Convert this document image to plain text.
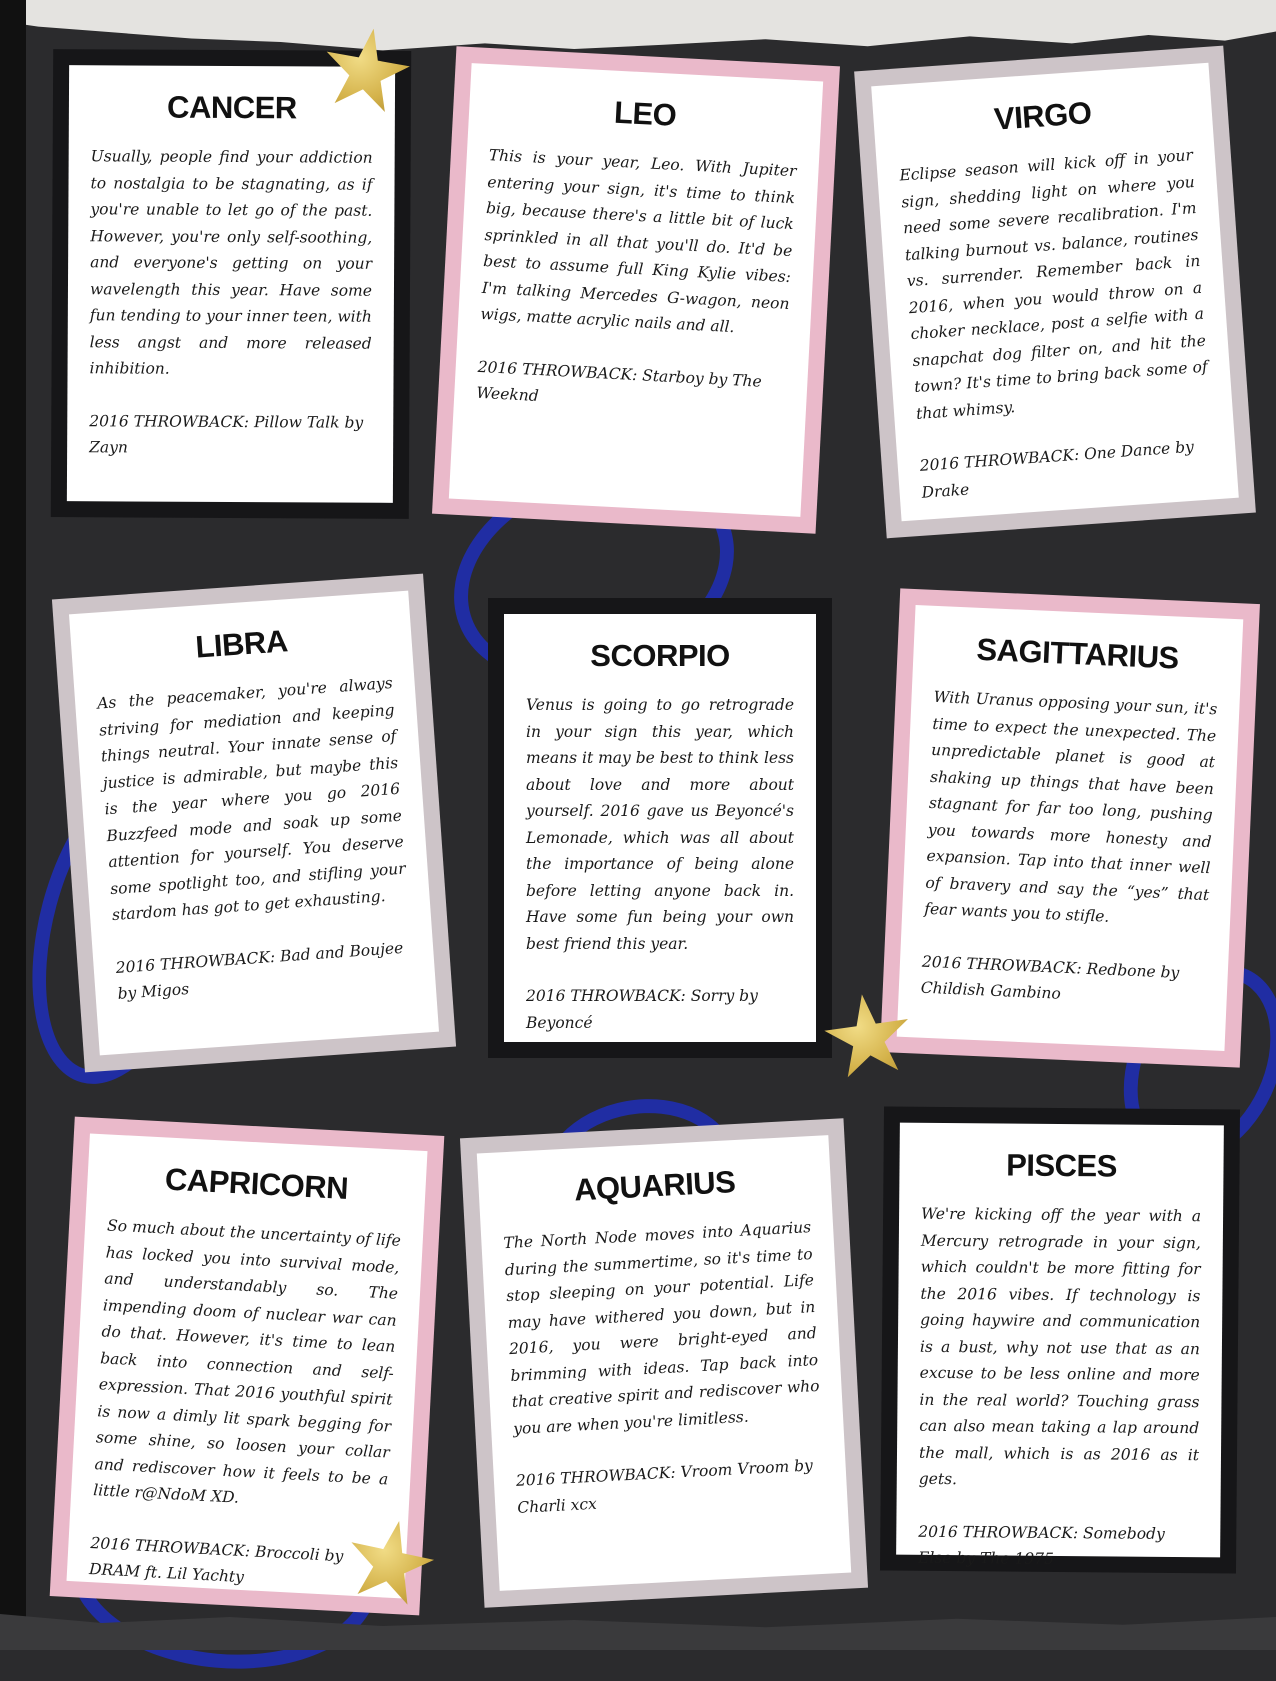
CANCER

Usually, people find your addiction to nostalgia to be stagnating, as if you're unable to let go of the past. However, you're only self-soothing, and everyone's getting on your wavelength this year. Have some fun tending to your inner teen, with less angst and more released inhibition.

2016 THROWBACK: Pillow Talk by Zayn

LEO

This is your year, Leo. With Jupiter entering your sign, it's time to think big, because there's a little bit of luck sprinkled in all that you'll do. It'd be best to assume full King Kylie vibes: I'm talking Mercedes G-wagon, neon wigs, matte acrylic nails and all.

2016 THROWBACK: Starboy by The Weeknd

VIRGO

Eclipse season will kick off in your sign, shedding light on where you need some severe recalibration. I'm talking burnout vs. balance, routines vs. surrender. Remember back in 2016, when you would throw on a choker necklace, post a selfie with a snapchat dog filter on, and hit the town? It's time to bring back some of that whimsy.

2016 THROWBACK: One Dance by Drake

LIBRA

As the peacemaker, you're always striving for mediation and keeping things neutral. Your innate sense of justice is admirable, but maybe this is the year where you go 2016 Buzzfeed mode and soak up some attention for yourself. You deserve some spotlight too, and stifling your stardom has got to get exhausting.

2016 THROWBACK: Bad and Boujee by Migos

SCORPIO

Venus is going to go retrograde in your sign this year, which means it may be best to think less about love and more about yourself. 2016 gave us Beyoncé's Lemonade, which was all about the importance of being alone before letting anyone back in. Have some fun being your own best friend this year.

2016 THROWBACK: Sorry by Beyoncé

SAGITTARIUS

With Uranus opposing your sun, it's time to expect the unexpected. The unpredictable planet is good at shaking up things that have been stagnant for far too long, pushing you towards more honesty and expansion. Tap into that inner well of bravery and say the “yes” that fear wants you to stifle.

2016 THROWBACK: Redbone by Childish Gambino

CAPRICORN

So much about the uncertainty of life has locked you into survival mode, and understandably so. The impending doom of nuclear war can do that. However, it's time to lean back into connection and self-expression. That 2016 youthful spirit is now a dimly lit spark begging for some shine, so loosen your collar and rediscover how it feels to be a little r@NdoM XD.

2016 THROWBACK: Broccoli by DRAM ft. Lil Yachty

AQUARIUS

The North Node moves into Aquarius during the summertime, so it's time to stop sleeping on your potential. Life may have withered you down, but in 2016, you were bright-eyed and brimming with ideas. Tap back into that creative spirit and rediscover who you are when you're limitless.

2016 THROWBACK: Vroom Vroom by Charli xcx

PISCES

We're kicking off the year with a Mercury retrograde in your sign, which couldn't be more fitting for the 2016 vibes. If technology is going haywire and communication is a bust, why not use that as an excuse to be less online and more in the real world? Touching grass can also mean taking a lap around the mall, which is as 2016 as it gets.

2016 THROWBACK: Somebody Else by The 1975
